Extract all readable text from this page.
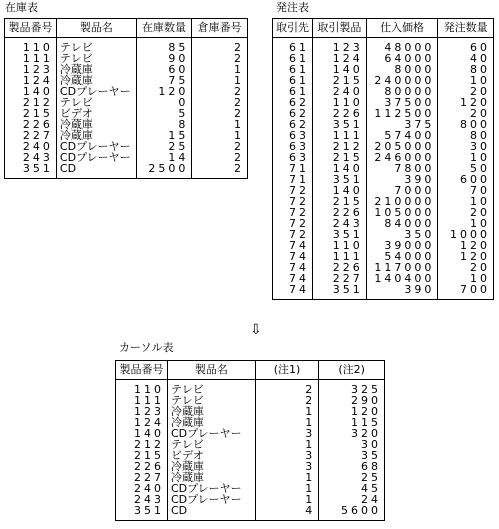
在庫表
製品番号	製品名	在庫数量	倉庫番号
110	テレビ	85	2
111	テレビ	90	2
123	冷蔵庫	60	1
124	冷蔵庫	75	1
140	CDプレーヤー	120	2
212	テレビ	0	2
215	ビデオ	5	2
226	冷蔵庫	8	1
227	冷蔵庫	15	1
240	CDプレーヤー	25	2
243	CDプレーヤー	14	2
351	CD	2500	2
発注表
取引先	取引製品	仕入価格	発注数量
61	123	48000	60
61	124	64000	40
61	140	8000	80
61	215	240000	10
61	240	80000	20
62	110	37500	120
62	226	112500	20
62	351	375	800
63	111	57400	80
63	212	205000	30
63	215	246000	10
71	140	7800	50
71	351	390	600
72	140	7000	70
72	215	210000	10
72	226	105000	20
72	243	84000	10
72	351	350	1000
74	110	39000	120
74	111	54000	120
74	226	117000	20
74	227	140400	10
74	351	390	700
⇩
カーソル表
製品番号	製品名	(注1)	(注2)
110	テレビ	2	325
111	テレビ	2	290
123	冷蔵庫	1	120
124	冷蔵庫	1	115
140	CDプレーヤー	3	320
212	テレビ	1	30
215	ビデオ	3	35
226	冷蔵庫	3	68
227	冷蔵庫	1	25
240	CDプレーヤー	1	45
243	CDプレーヤー	1	24
351	CD	4	5600
